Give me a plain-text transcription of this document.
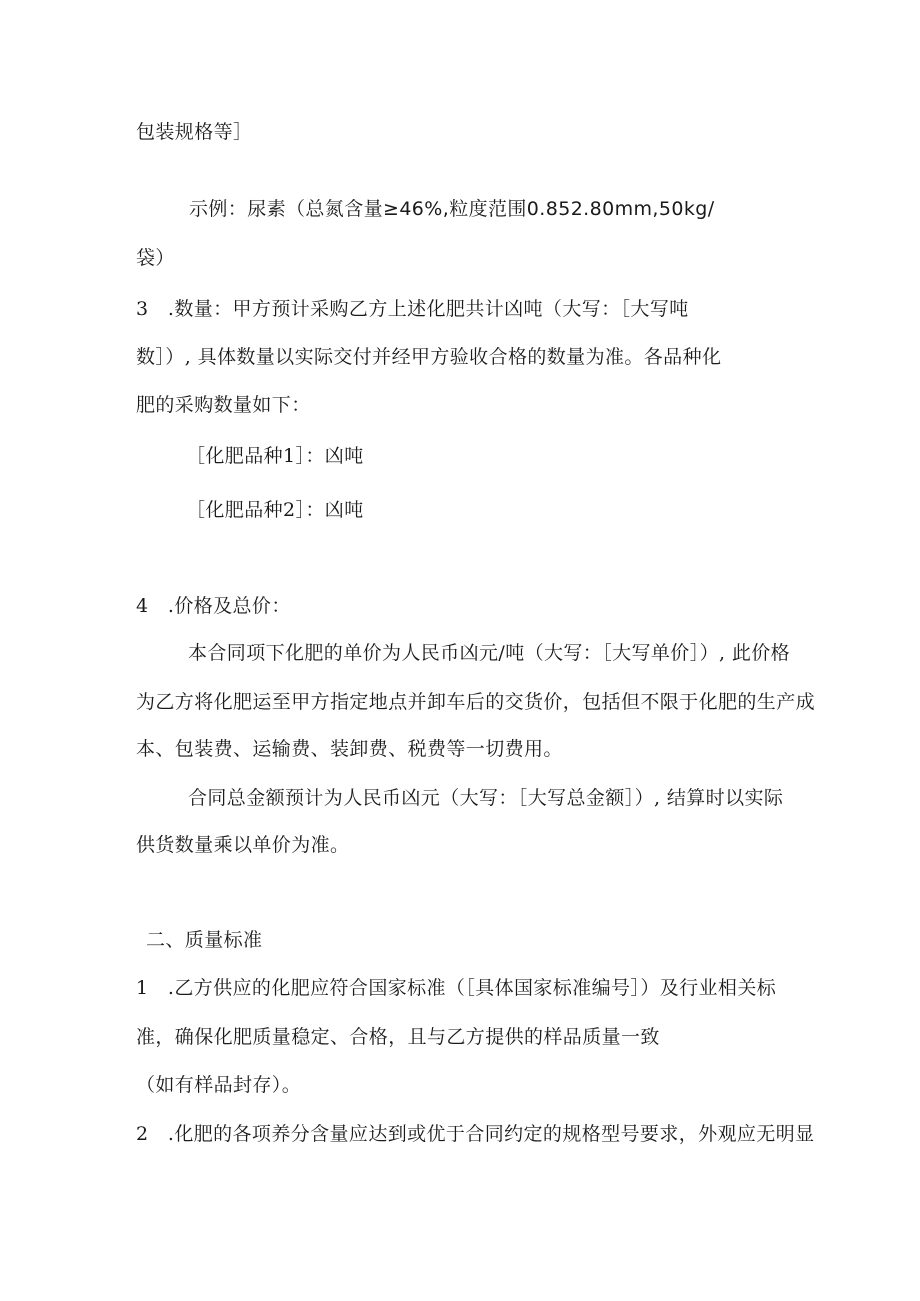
包装规格等］
示例：尿素（总氮含量≥46%,粒度范围0.852.80mm,50kg∕
袋）
3　.数量：甲方预计采购乙方上述化肥共计凶吨（大写：［大写吨
数］）, 具体数量以实际交付并经甲方验收合格的数量为准。各品种化
肥的采购数量如下：
［化肥品种1］：凶吨
［化肥品种2］：凶吨
4　.价格及总价：
本合同项下化肥的单价为人民币凶元/吨（大写：［大写单价］）, 此价格
为乙方将化肥运至甲方指定地点并卸车后的交货价，包括但不限于化肥的生产成
本、包装费、运输费、装卸费、税费等一切费用。
合同总金额预计为人民币凶元（大写：［大写总金额］）, 结算时以实际
供货数量乘以单价为准。
二、质量标准
1　.乙方供应的化肥应符合国家标准（［具体国家标准编号］）及行业相关标
准，确保化肥质量稳定、合格，且与乙方提供的样品质量一致
（如有样品封存）。
2　.化肥的各项养分含量应达到或优于合同约定的规格型号要求，外观应无明显
